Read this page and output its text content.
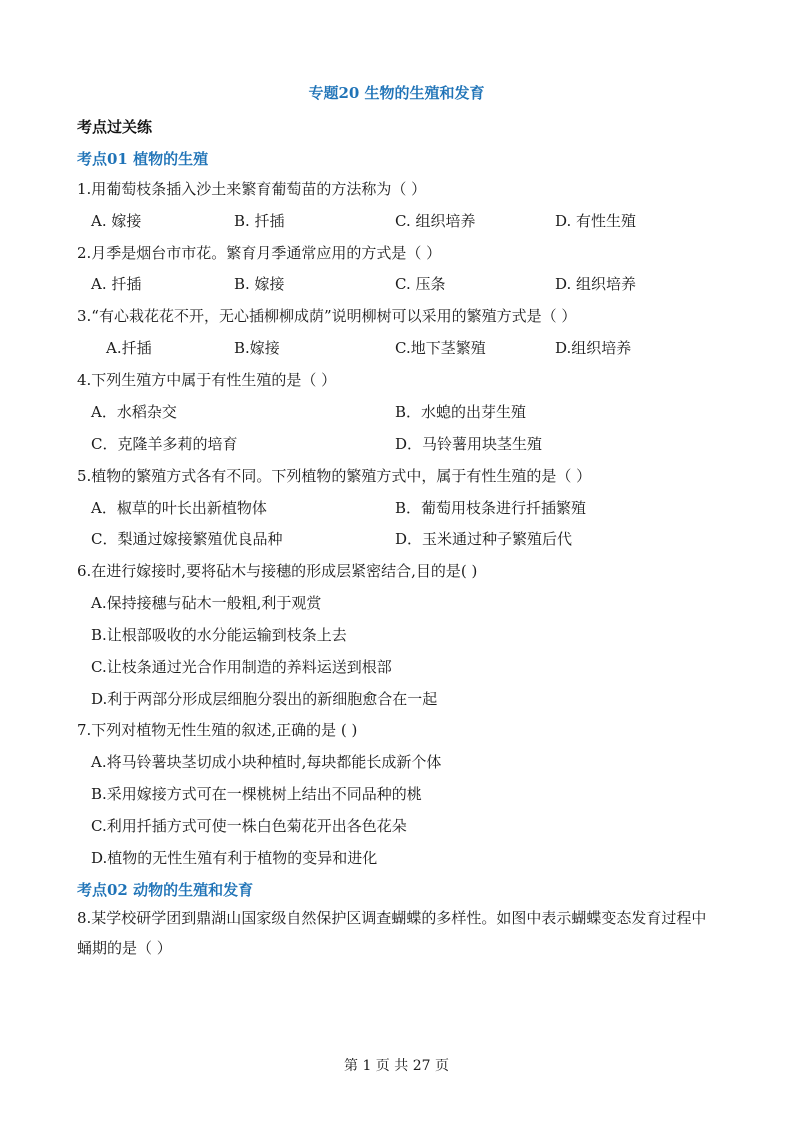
专题20 生物的生殖和发育
考点过关练
考点01 植物的生殖
1.用葡萄枝条插入沙土来繁育葡萄苗的方法称为（ ）
A. 嫁接	B. 扦插	C. 组织培养	D. 有性生殖
2.月季是烟台市市花。繁育月季通常应用的方式是（ ）
A. 扦插	B. 嫁接	C. 压条	D. 组织培养
3.“有心栽花花不开，无心插柳柳成荫”说明柳树可以采用的繁殖方式是（ ）
A.扦插	B.嫁接	C.地下茎繁殖	D.组织培养
4.下列生殖方中属于有性生殖的是（ ）
A．水稻杂交	B．水螅的出芽生殖
C．克隆羊多莉的培育	D．马铃薯用块茎生殖
5.植物的繁殖方式各有不同。下列植物的繁殖方式中，属于有性生殖的是（ ）
A．椒草的叶长出新植物体	B．葡萄用枝条进行扦插繁殖
C．梨通过嫁接繁殖优良品种	D．玉米通过种子繁殖后代
6.在进行嫁接时,要将砧木与接穗的形成层紧密结合,目的是( )
A.保持接穗与砧木一般粗,利于观赏
B.让根部吸收的水分能运输到枝条上去
C.让枝条通过光合作用制造的养料运送到根部
D.利于两部分形成层细胞分裂出的新细胞愈合在一起
7.下列对植物无性生殖的叙述,正确的是 ( )
A.将马铃薯块茎切成小块种植时,每块都能长成新个体
B.采用嫁接方式可在一棵桃树上结出不同品种的桃
C.利用扦插方式可使一株白色菊花开出各色花朵
D.植物的无性生殖有利于植物的变异和进化
考点02 动物的生殖和发育
8.某学校研学团到鼎湖山国家级自然保护区调查蝴蝶的多样性。如图中表示蝴蝶变态发育过程中蛹期的是（ ）
第 1 页 共 27 页
